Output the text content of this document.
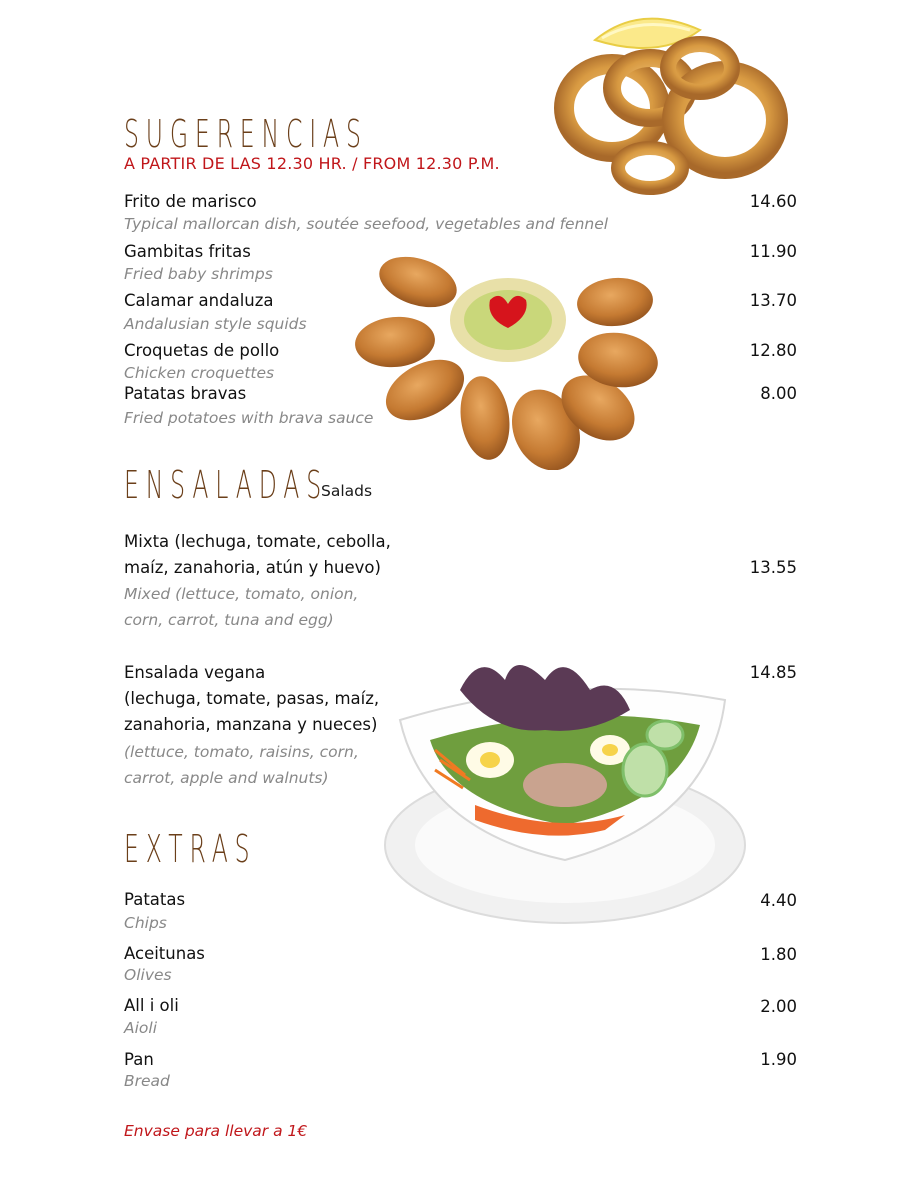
SUGERENCIAS
A PARTIR DE LAS 12.30 HR. / FROM 12.30 P.M.
Frito de marisco
Typical mallorcan dish, soutée seefood, vegetables and fennel
14.60
Gambitas fritas
Fried baby shrimps
11.90
Calamar andaluza
Andalusian style squids
13.70
Croquetas de pollo
Chicken croquettes
12.80
Patatas bravas
Fried potatoes with brava sauce
8.00
ENSALADAS
Salads
Mixta (lechuga, tomate, cebolla,
maíz, zanahoria, atún y huevo)
Mixed (lettuce, tomato, onion,
corn, carrot, tuna and egg)
13.55
Ensalada vegana
(lechuga, tomate, pasas, maíz,
zanahoria, manzana y nueces)
(lettuce, tomato, raisins, corn,
carrot, apple and walnuts)
14.85
EXTRAS
Patatas
Chips
4.40
Aceitunas
Olives
1.80
All i oli
Aioli
2.00
Pan
Bread
1.90
Envase para llevar a 1€
